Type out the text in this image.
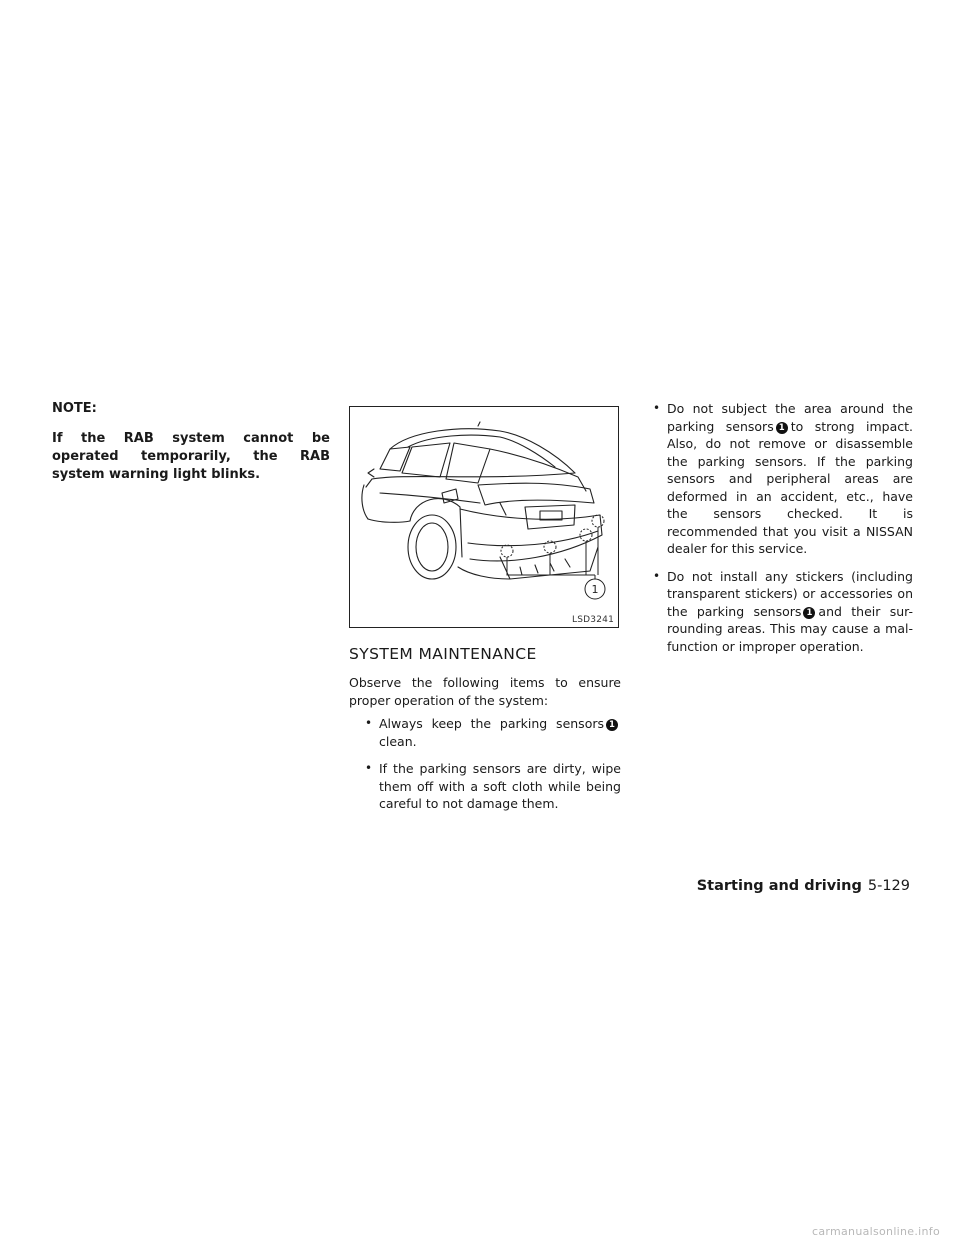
NOTE:

If the RAB system cannot be operated temporarily, the RAB system warning light blinks.

1
LSD3241
SYSTEM MAINTENANCE

Observe the following items to ensure proper operation of the system:

• Always keep the parking sensors 1 clean.
• If the parking sensors are dirty, wipe them off with a soft cloth while being careful to not damage them.
• Do not subject the area around the parking sensors 1 to strong impact. Also, do not remove or disassemble the parking sensors. If the parking sensors and peripheral areas are deformed in an accident, etc., have the sensors checked. It is recommended that you visit a NISSAN dealer for this service.
• Do not install any stickers (including transparent stickers) or accessories on the parking sensors 1 and their sur-rounding areas. This may cause a mal-function or improper operation.
Starting and driving 5-129
carmanualsonline.info
